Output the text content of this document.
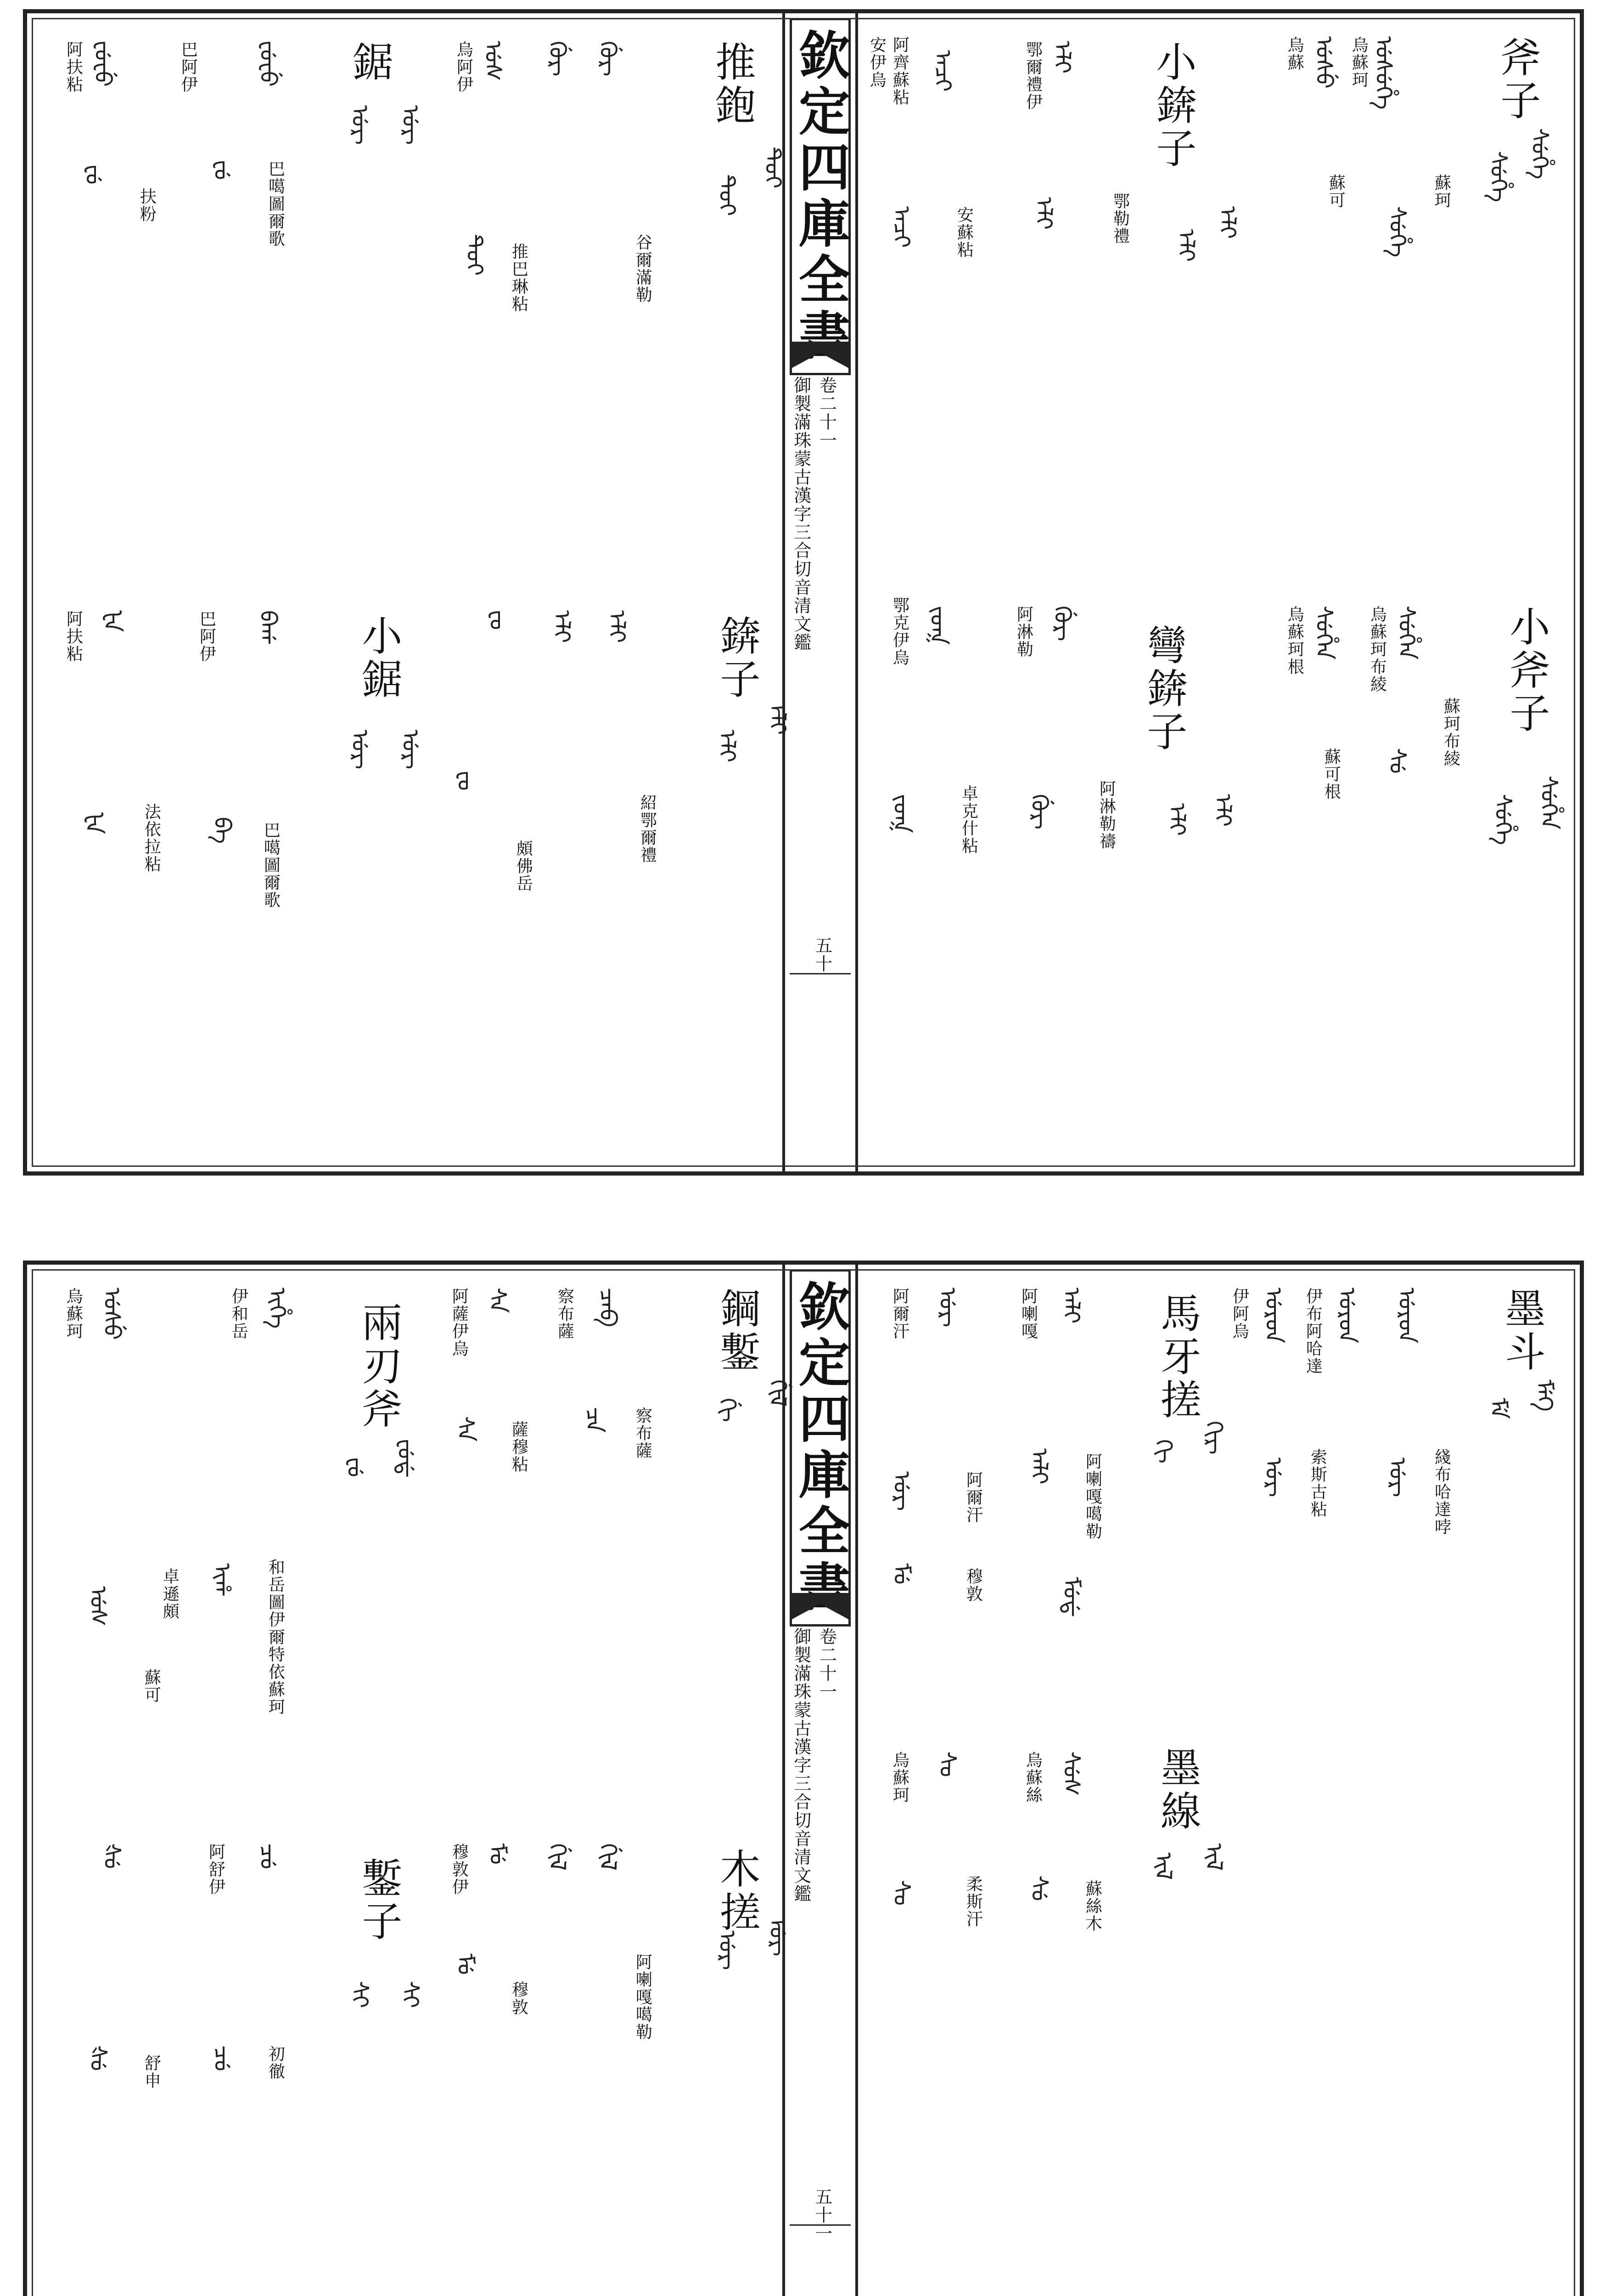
欽定四庫全書
卷二十一
御製滿珠蒙古漢字三合切音清文鑑
五十
斧子
ᠰᡠᡥᡝ
ᠰᡠᡥᡝ
蘇珂
ᡠᠰᡠᡥᡝ
烏蘇珂
ᠰᡠᡥᡝ
ᡠᠰᡠ
烏蘇
蘇可
小錛子
ᡝᠯᡳ
ᡝᠯᡳ
鄂勒禮
ᡝᠯᡳ
鄂爾禮伊
ᡝᠯᡳ
ᠠᠴᡳ
阿齊蘇粘
安伊烏
安蘇粘
ᠠᠴᡳ
小斧子
ᠰᡠᡥᡝᠨ
ᠰᡠᡥᡝ
蘇珂布綾
ᠰᡠᡥᡝᠨ
烏蘇珂布綾
ᠰᡠ
ᠰᡠᡥᡝᠨ
烏蘇珂根
蘇可根
彎錛子
ᡝᠯᡳ
ᡝᠯᡳ
阿淋勒禱
ᡤᡠᡵ
阿淋勒
ᡤᡠᡵ
ᠵᠣᡴ
鄂克伊烏
卓克什粘
ᠵᠣᡴ
推鉋
ᡨᡠᡳ
ᡨᡠᡳ
谷爾滿勒
ᡤᡠᡵ
ᡤᡠᡵ
推巴琳粘
ᡨᡠᡳ
ᡠᠰ
烏阿伊
鋸
ᡠᡵ
ᡠᡵ
ᡶᡠᡶᡠ
ᡶᡠ
巴阿伊
巴噶圖爾歌
扶粉
ᡶᡠᡶᡠ
阿扶粘
ᡶᡠ
錛子
ᡝᠯᡳ
ᡝᠯᡳ
紹鄂爾禮
ᡝᠯᡳ
ᡝᠯᡳ
ᡶᠣ
ᡶᠣ
頗佛岳
小鋸
ᡠᡵ
ᡠᡵ
ᠪᠠᡤ
巴阿伊
巴噶圖爾歌
ᠪᠠ
ᡶᠠ
阿扶粘
法依拉粘
ᡶᠠ
欽定四庫全書
卷二十一
御製滿珠蒙古漢字三合切音清文鑑
五十一
墨斗
ᠮᡝᡴ
ᠮᡝ
綫布哈達哱
ᡠᡵᡨ
ᡠᡵᡨ
伊布阿哈達
ᡠᡵ
ᡠᡵᡨ
伊阿烏
索斯古粘
ᡠᡵ
馬牙搓
ᡴᡳᡵ
ᡴᡳ
ᠠᠯᡳ
阿喇嘎
阿喇嘎噶勒
ᠠᠯᡳ
ᡠᡵ
阿爾汗
阿爾汗
ᡠᡵ
穆敦
ᠮᡠ
ᠮᡠᡩ
墨線
ᡳᠯ
ᡳᠯ
ᠰᡠᠰ
烏蘇絲
蘇絲木
ᠰᡠ
ᠰᠣ
烏蘇珂
柔斯汗
ᠰᠣ
鋼鏨
ᡤᡳᠯ
ᡤᡳ
察布薩
ᠴᠠᠪ
察布薩
ᠴᠠ
ᠰᠠ
阿薩伊烏
薩穆粘
ᠰᠠ
兩刃斧
ᡶᡠᡩ
ᡶᡠ
ᡳᡥᡝ
伊和岳
和岳圖伊爾特依蘇珂
ᡳᡥ
卓遜頗
ᡠᠰᡠ
烏蘇珂
蘇可
ᡠᠰ
木搓
ᡠᡵ
ᡠᡵ
阿喇嘎噶勒
ᡤᡳᠯ
ᡤᡳᠯ
穆敦
ᠮᡠ
ᠮᡠ
穆敦伊
鏨子
ᠰᡳ
ᠰᡳ
ᠴᡠ
阿舒伊
初徹
ᠴᡠ
ᡧᡠ
舒申
ᡧᡠ
